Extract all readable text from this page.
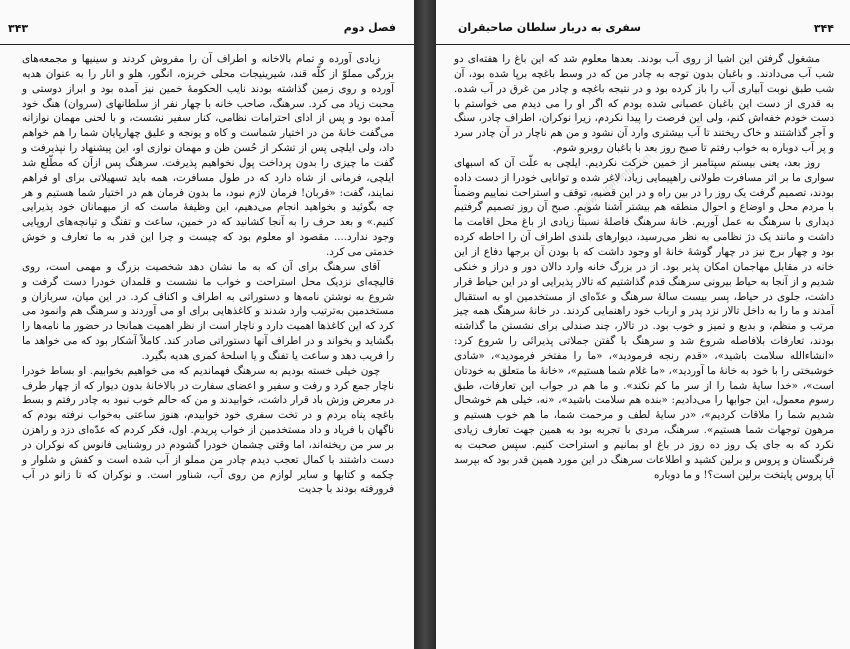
۳۴۳	فصل دوم

زیادی آورده و تمام بالاخانه و اطراف آن را مفروش کردند و سینیها و مجمعه‌های بزرگی مملوّ از کلّه قند، شیرینیجات محلی خربزه، انگور، هلو و انار را به عنوان هدیه آورده و روی زمین گذاشته بودند نایب الحکومهٔ خمین نیز آمده بود و ابراز دوستی و محبت زیاد می کرد. سرهنگ، صاحب خانه با چهار نفر از سلطانهای (سروان) هنگ خود آمده بود و پس از ادای احترامات نظامی، کنار سفیر نشست، و با لحنی مهمان نوازانه می‌گفت خانهٔ من در اختیار شماست و کاه و یونجه و علیق چهارپایان شما را هم خواهم داد، ولی ایلچی پس از تشکر از حُسن ظن و مهمان نوازی او، این پیشنهاد را نپذیرفت و گفت ما چیزی را بدون پرداخت پول نخواهیم پذیرفت. سرهنگ پس ازآن که مطّلع شد ایلچی، فرمانی از شاه دارد که در طول مسافرت، همه باید تسهیلاتی برای او فراهم نمایند، گفت: «قربان! فرمان لازم نبود، ما بدون فرمان هم در اختیار شما هستیم و هر چه بگوئید و بخواهید انجام می‌دهیم، این وظیفهٔ ماست که از میهمانان خود پذیرایی کنیم.» و بعد حرف را به آنجا کشانید که در خمین، ساعت و تفنگ و تپانچه‌های اروپایی وجود ندارد.... مقصود او معلوم بود که چیست و چرا این قدر به ما تعارف و خوش خدمتی می کرد.

آقای سرهنگ برای آن که به ما نشان دهد شخصیت بزرگ و مهمی است، روی قالیچه‌ای نزدیک محل استراحت و خواب ما نشست و قلمدان خودرا دست گرفت و شروع به نوشتن نامه‌ها و دستوراتی به اطراف و اکناف کرد. در این میان، سربازان و مستخدمین به‌ترتیب وارد شدند و کاغذهایی برای او می آوردند و سرهنگ هم وانمود می کرد که این کاغذها اهمیت دارد و ناچار است از نظر اهمیت همانجا در حضور ما نامه‌ها را بگشاید و بخواند و در اطراف آنها دستوراتی صادر کند. کاملاً آشکار بود که می خواهد ما را فریب دهد و ساعت یا تفنگ و یا اسلحهٔ کمری هدیه بگیرد.

چون خیلی خسته بودیم به سرهنگ فهماندیم که می خواهیم بخوابیم. او بساط خودرا ناچار جمع کرد و رفت و سفیر و اعضای سفارت در بالاخانهٔ بدون دیوار که از چهار طرف در معرض وزش باد قرار داشت، خوابیدند و من که حالم خوب نبود به چادر رفتم و بسط باغچه پناه بردم و در تخت سفری خود خوابیدم، هنوز ساعتی به‌خواب نرفته بودم که ناگهان با فریاد و داد مستخدمین از خواب پریدم. اول، فکر کردم که عدّه‌ای دزد و راهزن بر سر من ریخته‌اند، اما وقتی چشمان خودرا گشودم در روشنایی فانوس که نوکران در دست داشتند با کمال تعجب دیدم چادر من مملو از آب شده است و کفش و شلوار و چکمه و کتابها و سایر لوازم من روی آب، شناور است. و نوکران که تا زانو در آب فرورفته بودند با جدیت

۳۴۴
سفری به دربار سلطان صاحبقران
www.iran-info.com

مشغول گرفتن این اشیا از روی آب بودند. بعدها معلوم شد که این باغ را هفته‌ای دو شب آب می‌دادند. و باغبان بدون توجه به چادر من که در وسط باغچه برپا شده بود، آن شب طبق نوبت آبیاری آب را باز کرده بود و در نتیجه باغچه و چادر من غرق در آب شده. به قدری از دست این باغبان عصبانی شده بودم که اگر او را می دیدم می خواستم با دست خودم خفه‌اش کنم، ولی این فرصت را پیدا نکردم، زیرا نوکران، اطراف چادر، سنگ و آجر گذاشتند و خاک ریختند تا آب بیشتری وارد آن نشود و من هم ناچار در آن چادر سرد و پر آب دوباره به خواب رفتم تا صبح روز بعد با باغبان روبرو شوم.

روز بعد، یعنی بیستم سپتامبر از خمین حرکت نکردیم. ایلچی به علّت آن که اسبهای سواری ما بر اثر مسافرت طولانی راهپیمایی زیاد، لاغر شده و توانایی خودرا از دست داده بودند، تصمیم گرفت یک روز را در بین راه و در این قصبه، توقف و استراحت نماییم وضمناً با مردم محل و اوضاع و احوال منطقه هم بیشتر آشنا شویم. صبح آن روز تصمیم گرفتیم دیداری با سرهنگ به عمل آوریم. خانهٔ سرهنگ فاصلهٔ نسبتاً زیادی از باغ محل اقامت ما داشت و مانند یک دژ نظامی به نظر می‌رسید، دیوارهای بلندی اطراف آن را احاطه کرده بود و چهار برج نیز در چهار گوشهٔ خانهٔ او وجود داشت که با بودن آن برجها دفاع از این خانه در مقابل مهاجمان امکان پذیر بود. از در بزرگ خانه وارد دالان دور و دراز و خنکی شدیم و از آنجا به حیاط بیرونی سرهنگ قدم گذاشتیم که تالار پذیرایی او در این حیاط قرار داشت، جلوی در حیاط، پسر بیست سالهٔ سرهنگ و عدّه‌ای از مستخدمین او به استقبال آمدند و ما را به داخل تالار نزد پدر و ارباب خود راهنمایی کردند. در خانهٔ سرهنگ همه چیز مرتب و منظم، و بدیع و تمیز و خوب بود. در تالار، چند صندلی برای نشستن ما گذاشته بودند، تعارفات بلافاصله شروع شد و سرهنگ با گفتن جملاتی پذیرائی را شروع کرد: «انشاءالله سلامت باشید»، «قدم رنجه فرمودید»، «ما را مفتخر فرمودید»، «شادی خوشبختی را با خود به خانهٔ ما آوردید»، «ما غلام شما هستیم»، «خانهٔ ما متعلق به خودتان است»، «خدا سایهٔ شما را از سر ما کم نکند». و ما هم در جواب این تعارفات، طبق رسوم معمول، این جوابها را می‌دادیم: «بنده هم سلامت باشید»، «نه، خیلی هم خوشحال شدیم شما را ملاقات کردیم»، «در سایهٔ لطف و مرحمت شما، ما هم خوب هستیم و مرهون توجهات شما هستیم». سرهنگ، مردی با تجربه بود به همین جهت تعارف زیادی نکرد که به جای یک روز ده روز در باغ او بمانیم و استراحت کنیم. سپس صحبت به فرنگستان و پروس و برلین کشید و اطلاعات سرهنگ در این مورد همین قدر بود که بپرسد آیا پروس پایتخت برلین است؟! و ما دوباره
